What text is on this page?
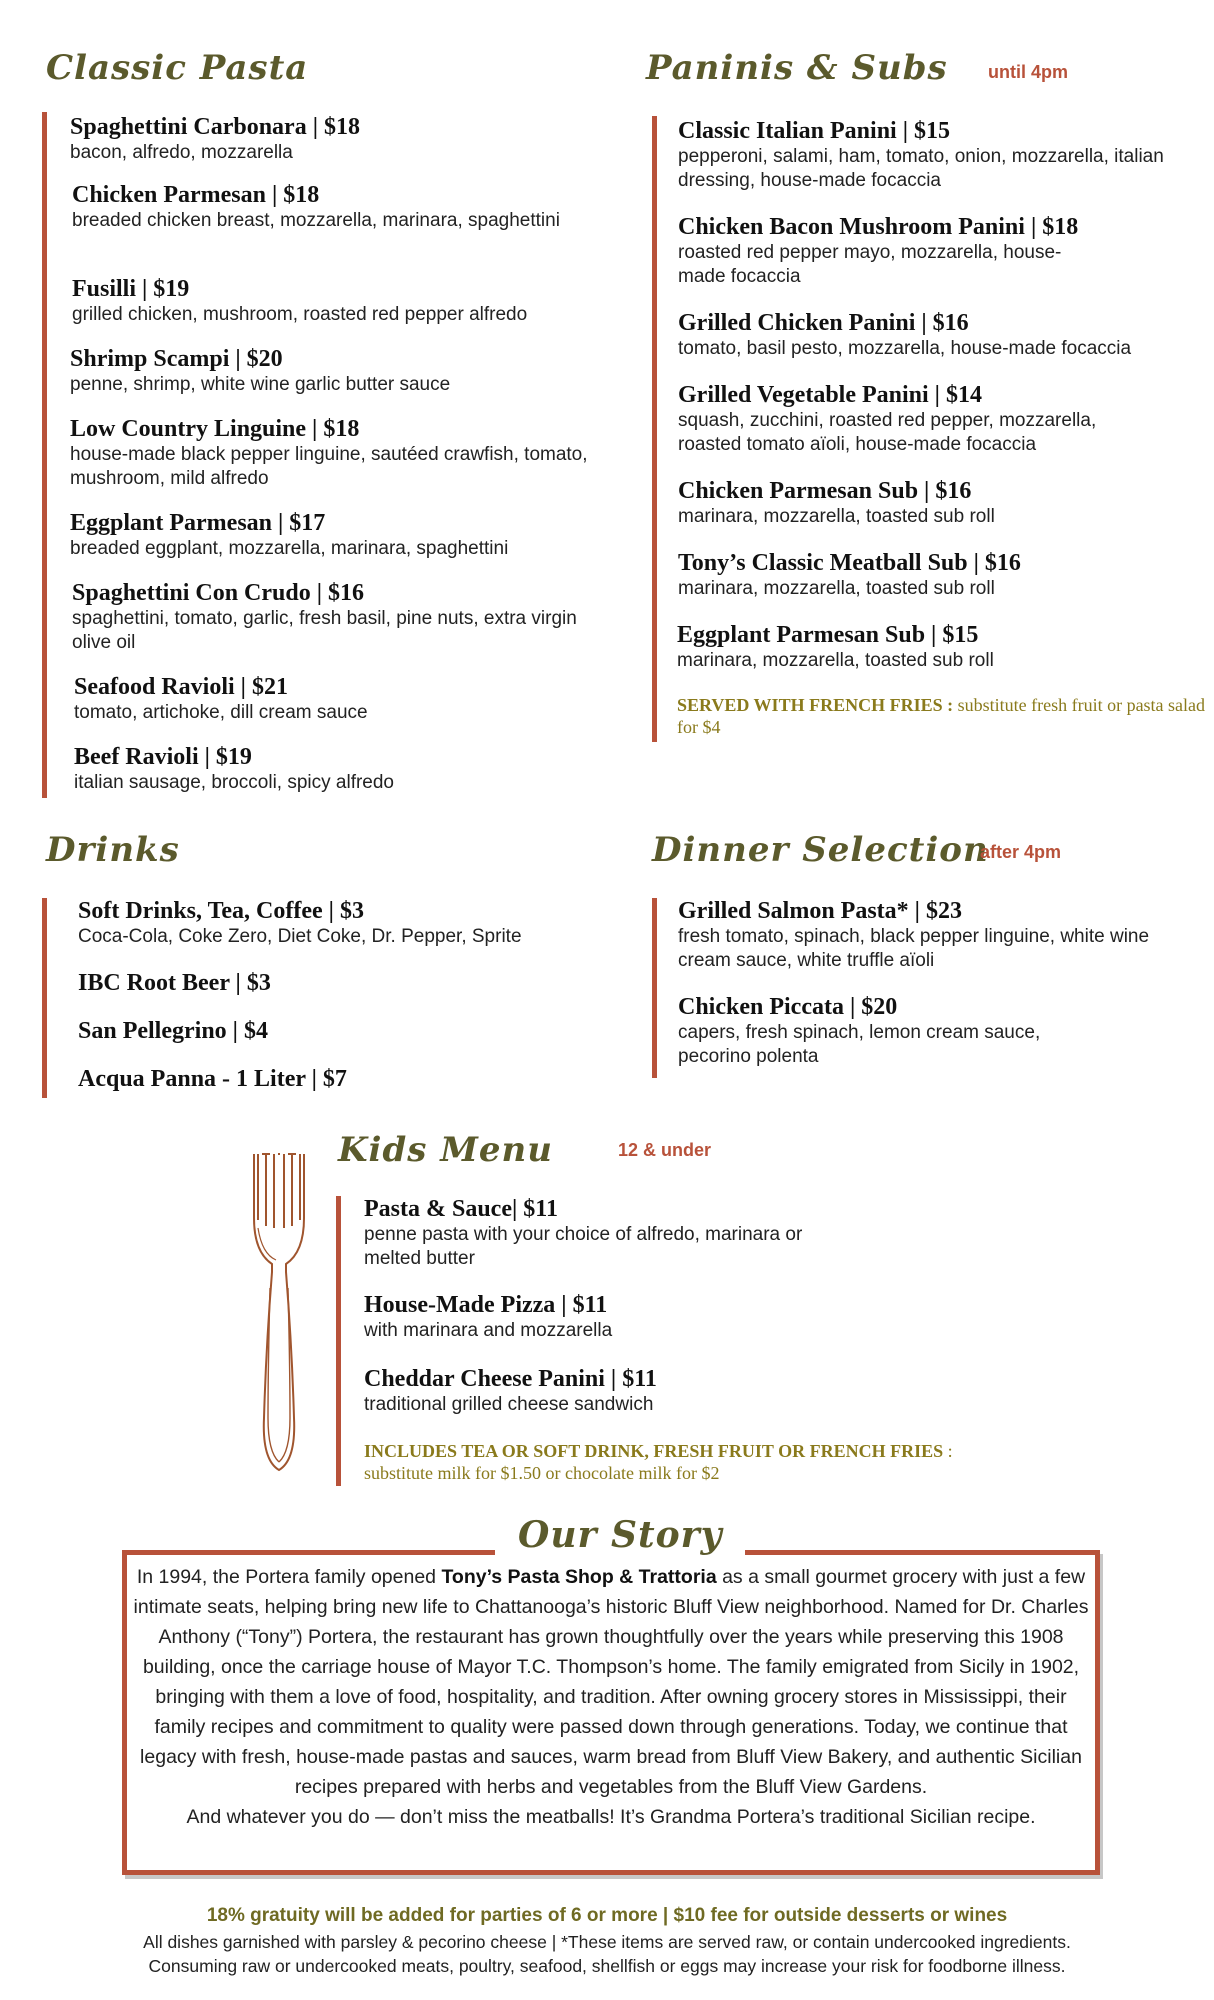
Classic Pasta
Spaghettini Carbonara | $18
bacon, alfredo, mozzarella
Chicken Parmesan | $18
breaded chicken breast, mozzarella, marinara, spaghettini
Fusilli | $19
grilled chicken, mushroom, roasted red pepper alfredo
Shrimp Scampi | $20
penne, shrimp, white wine garlic butter sauce
Low Country Linguine | $18
house-made black pepper linguine, sautéed crawfish, tomato, mushroom, mild alfredo
Eggplant Parmesan | $17
breaded eggplant, mozzarella, marinara, spaghettini
Spaghettini Con Crudo | $16
spaghettini, tomato, garlic, fresh basil, pine nuts, extra virgin olive oil
Seafood Ravioli | $21
tomato, artichoke, dill cream sauce
Beef Ravioli | $19
italian sausage, broccoli, spicy alfredo
Paninis & Subs until 4pm
Classic Italian Panini | $15
pepperoni, salami, ham, tomato, onion, mozzarella, italian dressing, house-made focaccia
Chicken Bacon Mushroom Panini | $18
roasted red pepper mayo, mozzarella, house-made focaccia
Grilled Chicken Panini | $16
tomato, basil pesto, mozzarella, house-made focaccia
Grilled Vegetable Panini | $14
squash, zucchini, roasted red pepper, mozzarella, roasted tomato aïoli, house-made focaccia
Chicken Parmesan Sub | $16
marinara, mozzarella, toasted sub roll
Tony’s Classic Meatball Sub | $16
marinara, mozzarella, toasted sub roll
Eggplant Parmesan Sub | $15
marinara, mozzarella, toasted sub roll
SERVED WITH FRENCH FRIES : substitute fresh fruit or pasta salad for $4
Drinks
Soft Drinks, Tea, Coffee | $3
Coca-Cola, Coke Zero, Diet Coke, Dr. Pepper, Sprite
IBC Root Beer | $3
San Pellegrino | $4
Acqua Panna - 1 Liter | $7
Dinner Selection
after 4pm
Grilled Salmon Pasta* | $23
fresh tomato, spinach, black pepper linguine, white wine cream sauce, white truffle aïoli
Chicken Piccata | $20
capers, fresh spinach, lemon cream sauce, pecorino polenta
Kids Menu	12 & under
Pasta & Sauce| $11
penne pasta with your choice of alfredo, marinara or melted butter
House-Made Pizza | $11
with marinara and mozzarella
Cheddar Cheese Panini | $11
traditional grilled cheese sandwich
INCLUDES TEA OR SOFT DRINK, FRESH FRUIT OR FRENCH FRIES : substitute milk for $1.50 or chocolate milk for $2
Our Story
In 1994, the Portera family opened Tony’s Pasta Shop & Trattoria as a small gourmet grocery with just a few intimate seats, helping bring new life to Chattanooga’s historic Bluff View neighborhood. Named for Dr. Charles Anthony (“Tony”) Portera, the restaurant has grown thoughtfully over the years while preserving this 1908 building, once the carriage house of Mayor T.C. Thompson’s home. The family emigrated from Sicily in 1902, bringing with them a love of food, hospitality, and tradition. After owning grocery stores in Mississippi, their family recipes and commitment to quality were passed down through generations. Today, we continue that legacy with fresh, house-made pastas and sauces, warm bread from Bluff View Bakery, and authentic Sicilian recipes prepared with herbs and vegetables from the Bluff View Gardens.
And whatever you do — don’t miss the meatballs! It’s Grandma Portera’s traditional Sicilian recipe.
18% gratuity will be added for parties of 6 or more | $10 fee for outside desserts or wines
All dishes garnished with parsley & pecorino cheese | *These items are served raw, or contain undercooked ingredients.
Consuming raw or undercooked meats, poultry, seafood, shellfish or eggs may increase your risk for foodborne illness.
